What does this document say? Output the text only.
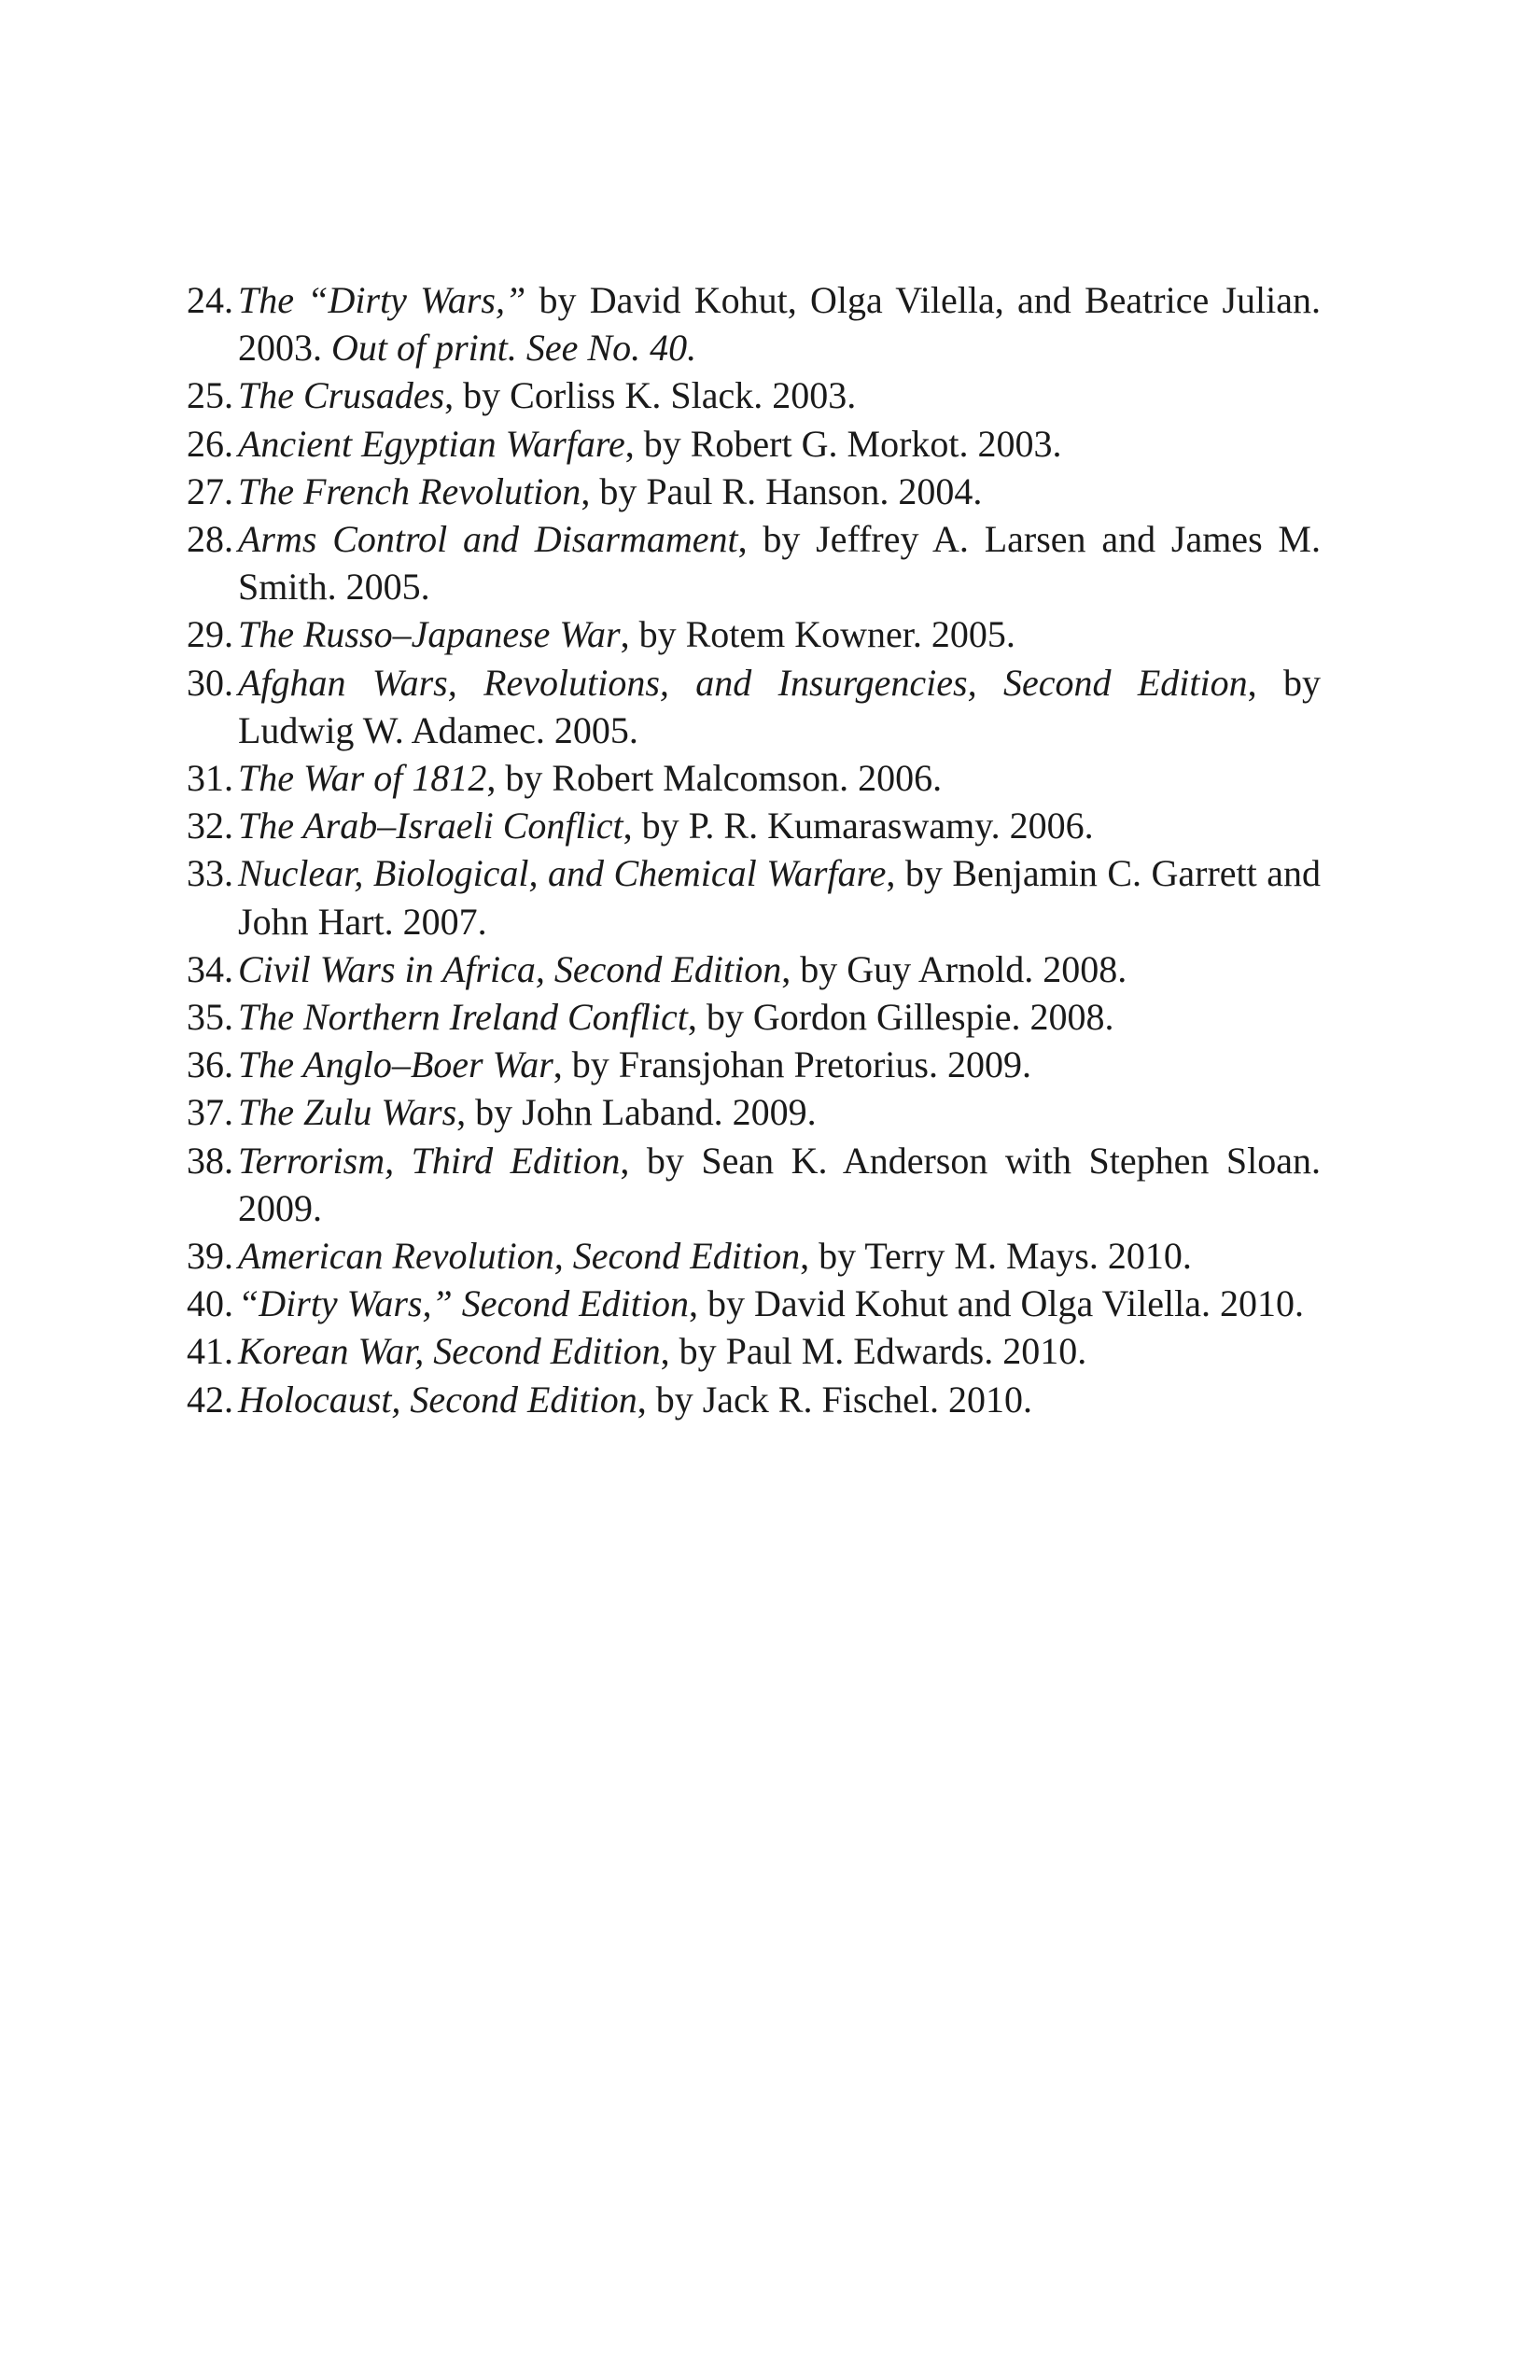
24. The “Dirty Wars,” by David Kohut, Olga Vilella, and Beatrice Julian. 2003. Out of print. See No. 40.
25. The Crusades, by Corliss K. Slack. 2003.
26. Ancient Egyptian Warfare, by Robert G. Morkot. 2003.
27. The French Revolution, by Paul R. Hanson. 2004.
28. Arms Control and Disarmament, by Jeffrey A. Larsen and James M. Smith. 2005.
29. The Russo–Japanese War, by Rotem Kowner. 2005.
30. Afghan Wars, Revolutions, and Insurgencies, Second Edition, by Ludwig W. Adamec. 2005.
31. The War of 1812, by Robert Malcomson. 2006.
32. The Arab–Israeli Conflict, by P. R. Kumaraswamy. 2006.
33. Nuclear, Biological, and Chemical Warfare, by Benjamin C. Garrett and John Hart. 2007.
34. Civil Wars in Africa, Second Edition, by Guy Arnold. 2008.
35. The Northern Ireland Conflict, by Gordon Gillespie. 2008.
36. The Anglo–Boer War, by Fransjohan Pretorius. 2009.
37. The Zulu Wars, by John Laband. 2009.
38. Terrorism, Third Edition, by Sean K. Anderson with Stephen Sloan. 2009.
39. American Revolution, Second Edition, by Terry M. Mays. 2010.
40. “Dirty Wars,” Second Edition, by David Kohut and Olga Vilella. 2010.
41. Korean War, Second Edition, by Paul M. Edwards. 2010.
42. Holocaust, Second Edition, by Jack R. Fischel. 2010.
